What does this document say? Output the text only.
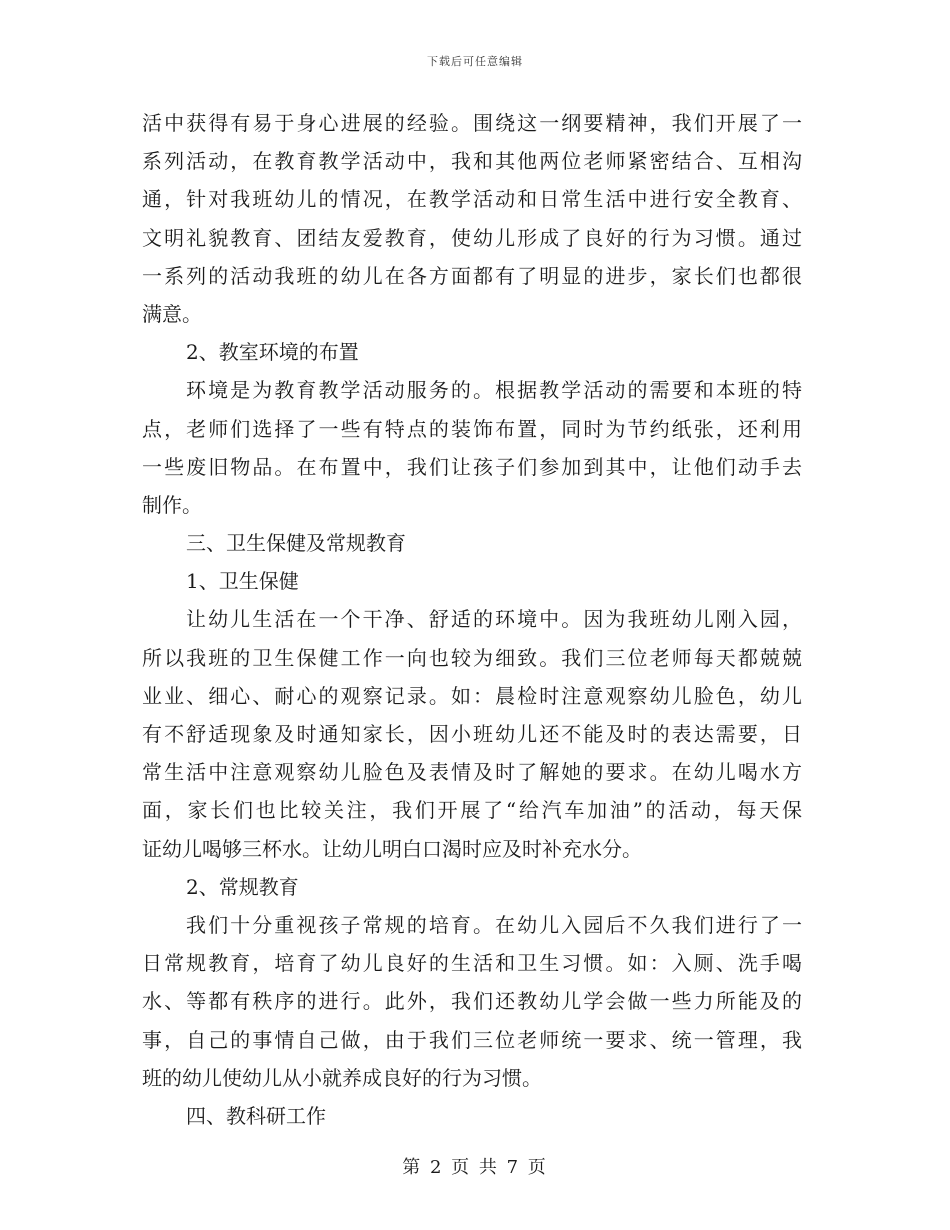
下载后可任意编辑
活中获得有易于身心进展的经验。围绕这一纲要精神，我们开展了一
系列活动，在教育教学活动中，我和其他两位老师紧密结合、互相沟
通，针对我班幼儿的情况，在教学活动和日常生活中进行安全教育、
文明礼貌教育、团结友爱教育，使幼儿形成了良好的行为习惯。通过
一系列的活动我班的幼儿在各方面都有了明显的进步，家长们也都很
满意。
2、教室环境的布置
环境是为教育教学活动服务的。根据教学活动的需要和本班的特
点，老师们选择了一些有特点的装饰布置，同时为节约纸张，还利用
一些废旧物品。在布置中，我们让孩子们参加到其中，让他们动手去
制作。
三、卫生保健及常规教育
1、卫生保健
让幼儿生活在一个干净、舒适的环境中。因为我班幼儿刚入园，
所以我班的卫生保健工作一向也较为细致。我们三位老师每天都兢兢
业业、细心、耐心的观察记录。如：晨检时注意观察幼儿脸色，幼儿
有不舒适现象及时通知家长，因小班幼儿还不能及时的表达需要，日
常生活中注意观察幼儿脸色及表情及时了解她的要求。在幼儿喝水方
面，家长们也比较关注，我们开展了“给汽车加油”的活动，每天保
证幼儿喝够三杯水。让幼儿明白口渴时应及时补充水分。
2、常规教育
我们十分重视孩子常规的培育。在幼儿入园后不久我们进行了一
日常规教育，培育了幼儿良好的生活和卫生习惯。如：入厕、洗手喝
水、等都有秩序的进行。此外，我们还教幼儿学会做一些力所能及的
事，自己的事情自己做，由于我们三位老师统一要求、统一管理，我
班的幼儿使幼儿从小就养成良好的行为习惯。
四、教科研工作
第 2 页 共 7 页
